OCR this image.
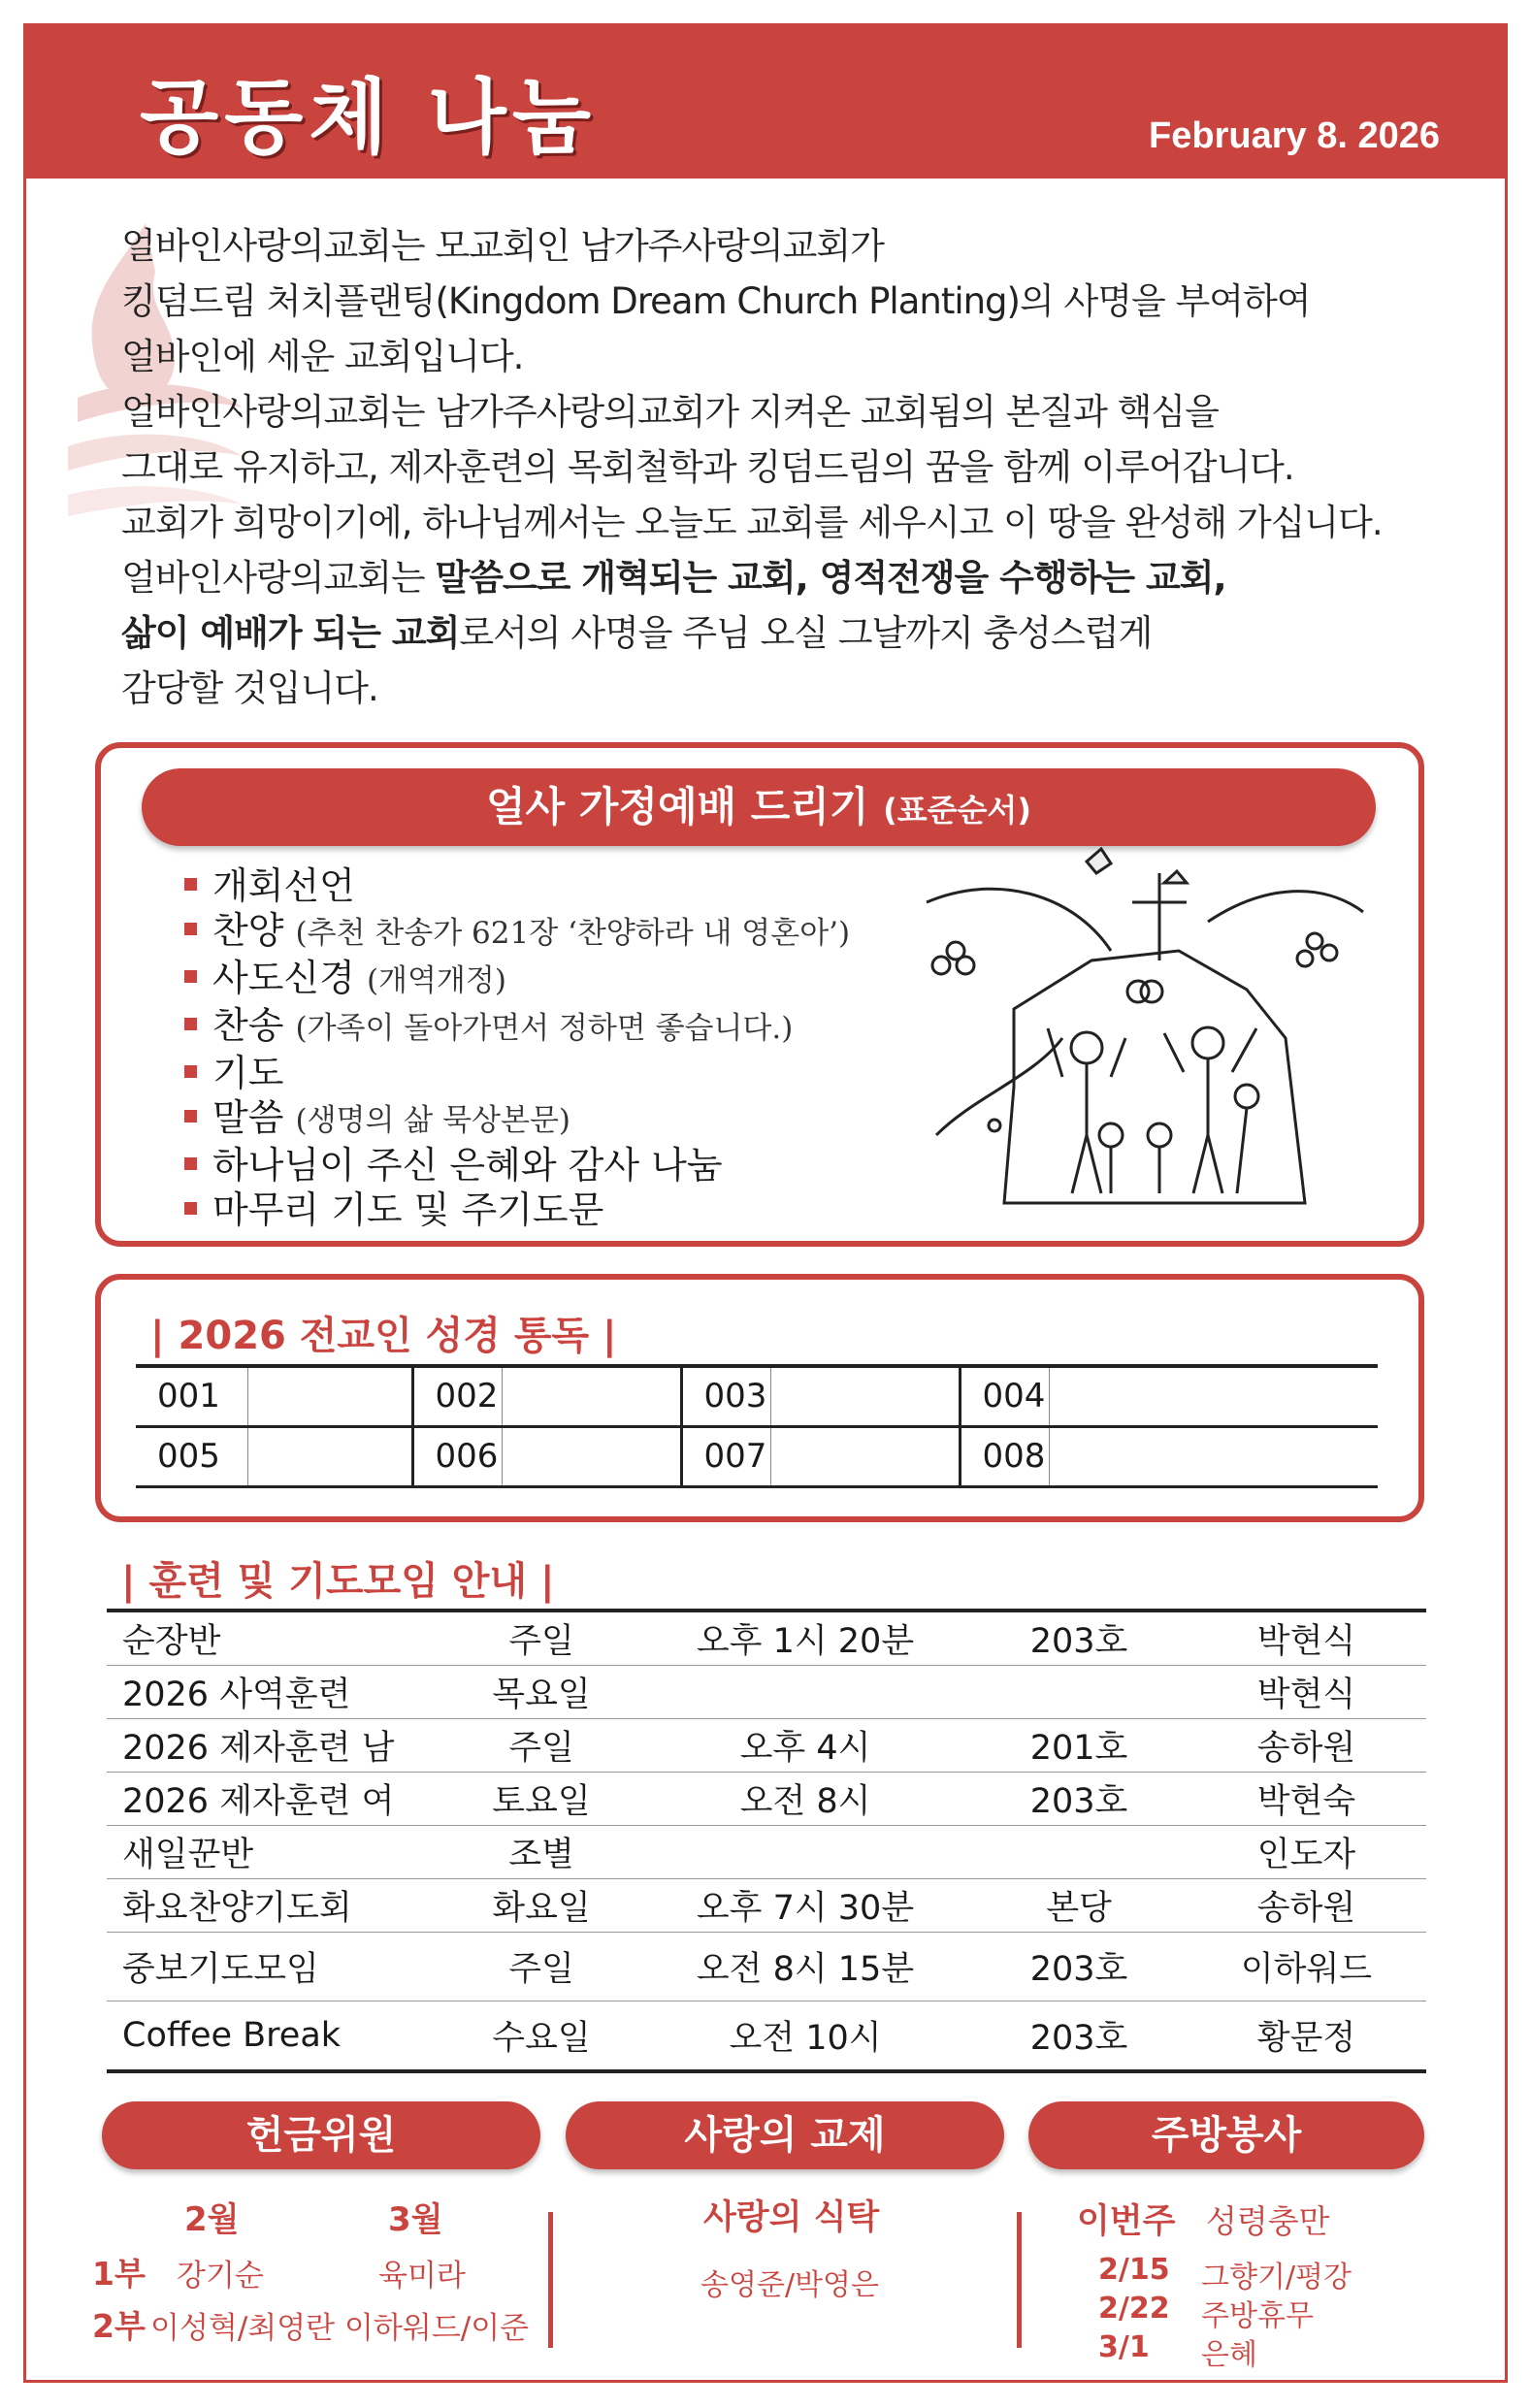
공동체 나눔	February 8. 2026

얼바인사랑의교회는 모교회인 남가주사랑의교회가

킹덤드림 처치플랜팅(Kingdom Dream Church Planting)의 사명을 부여하여

얼바인에 세운 교회입니다.

얼바인사랑의교회는 남가주사랑의교회가 지켜온 교회됨의 본질과 핵심을

그대로 유지하고, 제자훈련의 목회철학과 킹덤드림의 꿈을 함께 이루어갑니다.

교회가 희망이기에, 하나님께서는 오늘도 교회를 세우시고 이 땅을 완성해 가십니다.

얼바인사랑의교회는 말씀으로 개혁되는 교회, 영적전쟁을 수행하는 교회,

삶이 예배가 되는 교회로서의 사명을 주님 오실 그날까지 충성스럽게

감당할 것입니다.

얼사 가정예배 드리기 (표준순서)
개회선언
찬양 (추천 찬송가 621장 ‘찬양하라 내 영혼아’)
사도신경 (개역개정)
찬송 (가족이 돌아가면서 정하면 좋습니다.)
기도
말씀 (생명의 삶 묵상본문)
하나님이 주신 은혜와 감사 나눔
마무리 기도 및 주기도문
| 2026 전교인 성경 통독 |
001		002		003		004	
005		006		007		008	
| 훈련 및 기도모임 안내 |
순장반	주일	오후 1시 20분	203호	박현식
2026 사역훈련	목요일			박현식
2026 제자훈련 남	주일	오후 4시	201호	송하원
2026 제자훈련 여	토요일	오전 8시	203호	박현숙
새일꾼반	조별			인도자
화요찬양기도회	화요일	오후 7시 30분	본당	송하원
중보기도모임	주일	오전 8시 15분	203호	이하워드
Coffee Break	수요일	오전 10시	203호	황문정
헌금위원	사랑의 교제	주방봉사
2월	3월
1부 강기순	육미라
2부 이성혁/최영란 이하워드/이준
사랑의 식탁
송영준/박영은
이번주 성령충만
2/15 그향기/평강
2/22 주방휴무
3/1 은혜
